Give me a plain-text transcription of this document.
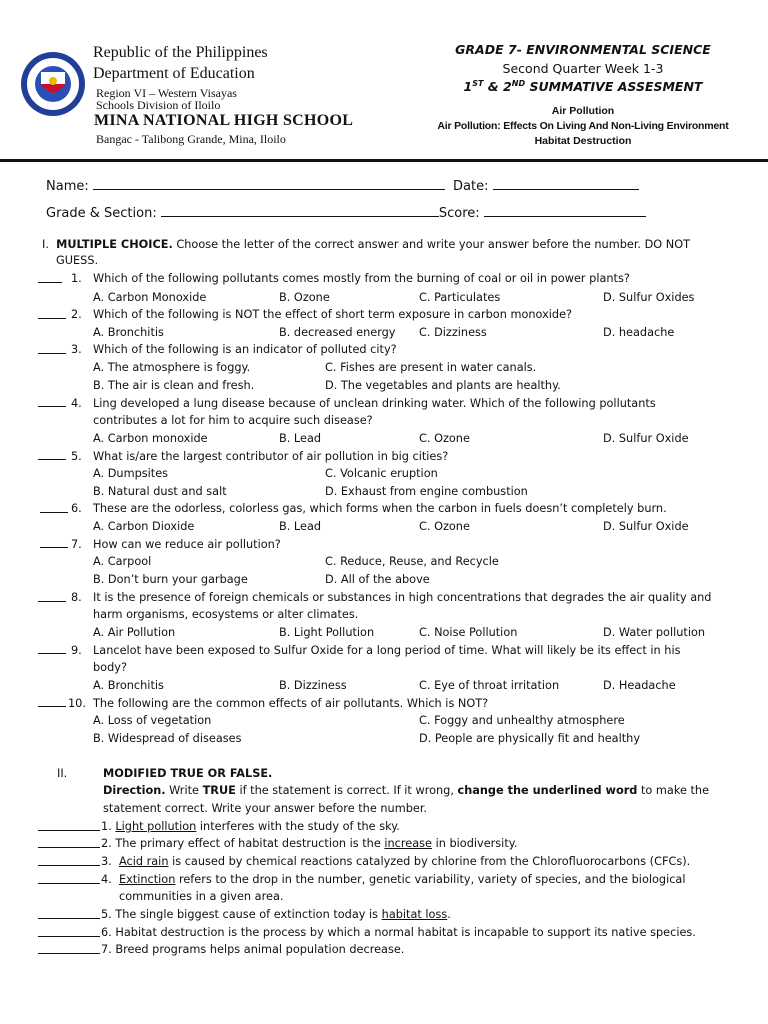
Republic of the Philippines
Department of Education
Region VI – Western Visayas
Schools Division of Iloilo
MINA NATIONAL HIGH SCHOOL
Bangac - Talibong Grande, Mina, Iloilo
GRADE 7- ENVIRONMENTAL SCIENCE
Second Quarter Week 1-3
1ST & 2ND SUMMATIVE ASSESMENT
Air Pollution
Air Pollution: Effects On Living And Non-Living Environment
Habitat Destruction
Name:	Date:
Grade & Section:	Score:
I. MULTIPLE CHOICE. Choose the letter of the correct answer and write your answer before the number. DO NOT
GUESS.
1. Which of the following pollutants comes mostly from the burning of coal or oil in power plants?
A. Carbon Monoxide	B. Ozone	C. Particulates	D. Sulfur Oxides
2. Which of the following is NOT the effect of short term exposure in carbon monoxide?
A. Bronchitis	B. decreased energy C. Dizziness	D. headache
3. Which of the following is an indicator of polluted city?
A. The atmosphere is foggy.	C. Fishes are present in water canals.
B. The air is clean and fresh.	D. The vegetables and plants are healthy.
4. Ling developed a lung disease because of unclean drinking water. Which of the following pollutants
contributes a lot for him to acquire such disease?
A. Carbon monoxide	B. Lead	C. Ozone	D. Sulfur Oxide
5. What is/are the largest contributor of air pollution in big cities?
A. Dumpsites	C. Volcanic eruption
B. Natural dust and salt	D. Exhaust from engine combustion
6. These are the odorless, colorless gas, which forms when the carbon in fuels doesn’t completely burn.
A. Carbon Dioxide	B. Lead	C. Ozone	D. Sulfur Oxide
7. How can we reduce air pollution?
A. Carpool	C. Reduce, Reuse, and Recycle
B. Don’t burn your garbage	D. All of the above
8. It is the presence of foreign chemicals or substances in high concentrations that degrades the air quality and
harm organisms, ecosystems or alter climates.
A. Air Pollution	B. Light Pollution	C. Noise Pollution	D. Water pollution
9. Lancelot have been exposed to Sulfur Oxide for a long period of time. What will likely be its effect in his
body?
A. Bronchitis	B. Dizziness	C. Eye of throat irritation	D. Headache
10. The following are the common effects of air pollutants. Which is NOT?
A. Loss of vegetation	C. Foggy and unhealthy atmosphere
B. Widespread of diseases	D. People are physically fit and healthy
II.	MODIFIED TRUE OR FALSE.
Direction. Write TRUE if the statement is correct. If it wrong, change the underlined word to make the
statement correct. Write your answer before the number.
1. Light pollution interferes with the study of the sky.
2. The primary effect of habitat destruction is the increase in biodiversity.
3. Acid rain is caused by chemical reactions catalyzed by chlorine from the Chlorofluorocarbons (CFCs).
4. Extinction refers to the drop in the number, genetic variability, variety of species, and the biological
communities in a given area.
5. The single biggest cause of extinction today is habitat loss.
6. Habitat destruction is the process by which a normal habitat is incapable to support its native species.
7. Breed programs helps animal population decrease.
